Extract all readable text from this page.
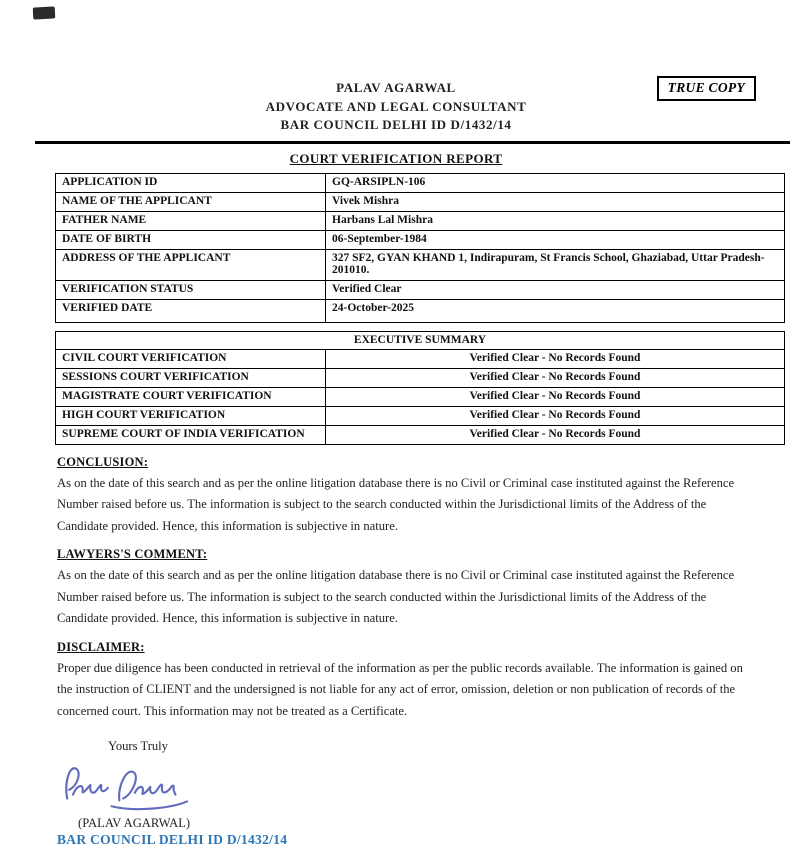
TRUE COPY
PALAV AGARWAL
ADVOCATE AND LEGAL CONSULTANT
BAR COUNCIL DELHI ID D/1432/14
COURT VERIFICATION REPORT
APPLICATION ID	GQ-ARSIPLN-106
NAME OF THE APPLICANT	Vivek Mishra
FATHER NAME	Harbans Lal Mishra
DATE OF BIRTH	06-September-1984
ADDRESS OF THE APPLICANT	327 SF2, GYAN KHAND 1, Indirapuram, St Francis School, Ghaziabad, Uttar Pradesh-201010.
VERIFICATION STATUS	Verified Clear
VERIFIED DATE	24-October-2025
EXECUTIVE SUMMARY	
CIVIL COURT VERIFICATION	Verified Clear - No Records Found
SESSIONS COURT VERIFICATION	Verified Clear - No Records Found
MAGISTRATE COURT VERIFICATION	Verified Clear - No Records Found
HIGH COURT VERIFICATION	Verified Clear - No Records Found
SUPREME COURT OF INDIA VERIFICATION	Verified Clear - No Records Found
CONCLUSION:

As on the date of this search and as per the online litigation database there is no Civil or Criminal case instituted against the Reference Number raised before us. The information is subject to the search conducted within the Jurisdictional limits of the Address of the Candidate provided. Hence, this information is subjective in nature.

LAWYERS'S COMMENT:

As on the date of this search and as per the online litigation database there is no Civil or Criminal case instituted against the Reference Number raised before us. The information is subject to the search conducted within the Jurisdictional limits of the Address of the Candidate provided. Hence, this information is subjective in nature.

DISCLAIMER:

Proper due diligence has been conducted in retrieval of the information as per the public records available. The information is gained on the instruction of CLIENT and the undersigned is not liable for any act of error, omission, deletion or non publication of records of the concerned court. This information may not be treated as a Certificate.

Yours Truly
(PALAV AGARWAL)
BAR COUNCIL DELHI ID D/1432/14
